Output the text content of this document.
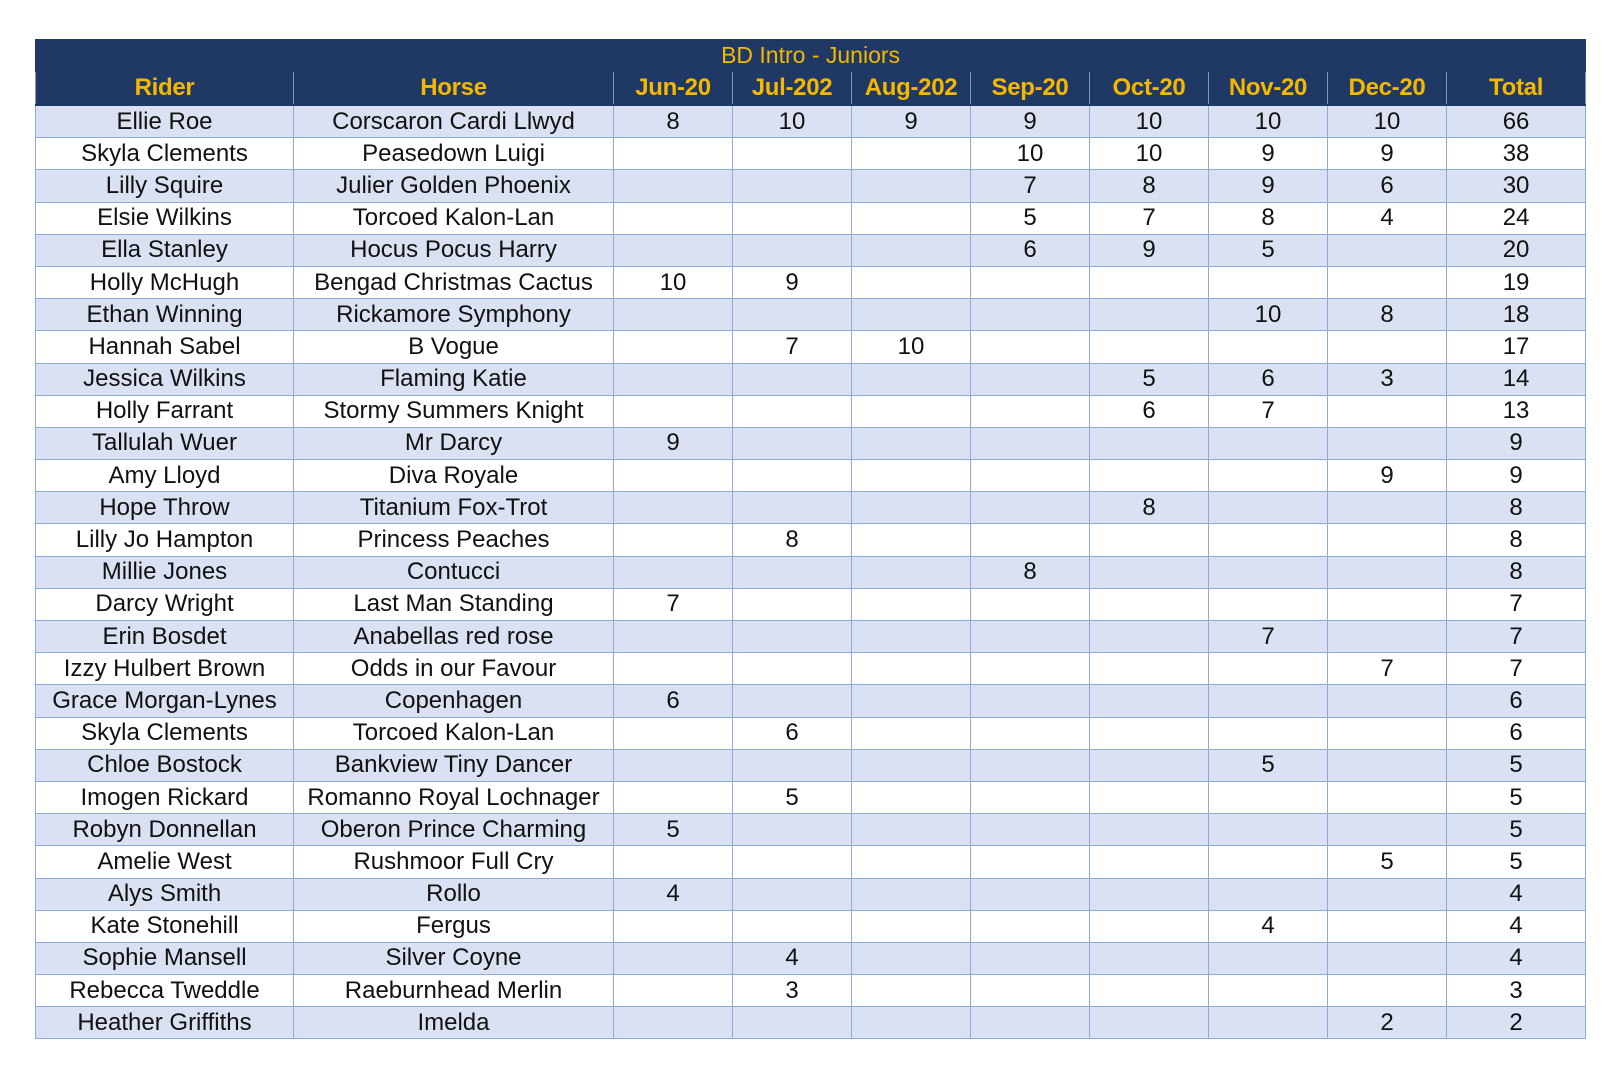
BD Intro - Juniors									
Rider	Horse	Jun-20	Jul-202	Aug-202	Sep-20	Oct-20	Nov-20	Dec-20	Total
Ellie Roe	Corscaron Cardi Llwyd	8	10	9	9	10	10	10	66
Skyla Clements	Peasedown Luigi				10	10	9	9	38
Lilly Squire	Julier Golden Phoenix				7	8	9	6	30
Elsie Wilkins	Torcoed Kalon-Lan				5	7	8	4	24
Ella Stanley	Hocus Pocus Harry				6	9	5		20
Holly McHugh	Bengad Christmas Cactus	10	9						19
Ethan Winning	Rickamore Symphony						10	8	18
Hannah Sabel	B Vogue		7	10					17
Jessica Wilkins	Flaming Katie					5	6	3	14
Holly Farrant	Stormy Summers Knight					6	7		13
Tallulah Wuer	Mr Darcy	9							9
Amy Lloyd	Diva Royale							9	9
Hope Throw	Titanium Fox-Trot					8			8
Lilly Jo Hampton	Princess Peaches		8						8
Millie Jones	Contucci				8				8
Darcy Wright	Last Man Standing	7							7
Erin Bosdet	Anabellas red rose						7		7
Izzy Hulbert Brown	Odds in our Favour							7	7
Grace Morgan-Lynes	Copenhagen	6							6
Skyla Clements	Torcoed Kalon-Lan		6						6
Chloe Bostock	Bankview Tiny Dancer						5		5
Imogen Rickard	Romanno Royal Lochnager		5						5
Robyn Donnellan	Oberon Prince Charming	5							5
Amelie West	Rushmoor Full Cry							5	5
Alys Smith	Rollo	4							4
Kate Stonehill	Fergus						4		4
Sophie Mansell	Silver Coyne		4						4
Rebecca Tweddle	Raeburnhead Merlin		3						3
Heather Griffiths	Imelda							2	2
